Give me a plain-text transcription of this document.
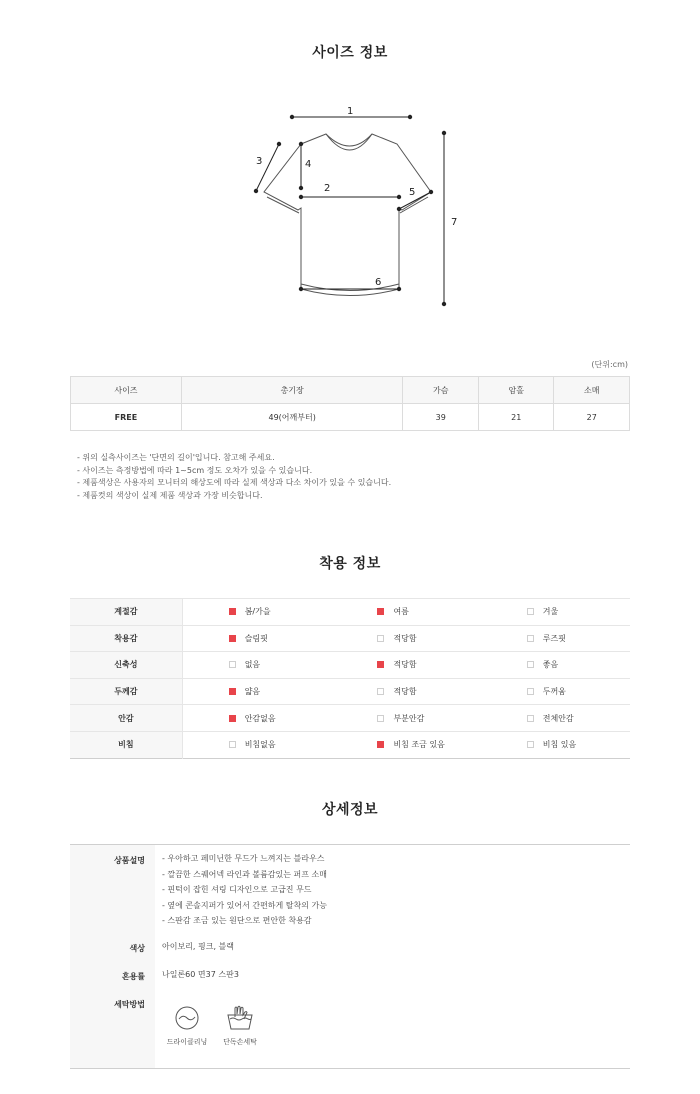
사이즈 정보
1
2
3	4
5
6
7
(단위:cm)
사이즈	총기장	가슴	암홀	소매
FREE	49(어깨부터)	39	21	27
- 위의 실측사이즈는 '단면의 길이'입니다. 참고해 주세요.
- 사이즈는 측정방법에 따라 1~5cm 정도 오차가 있을 수 있습니다.
- 제품색상은 사용자의 모니터의 해상도에 따라 실제 색상과 다소 차이가 있을 수 있습니다.
- 제품컷의 색상이 실제 제품 색상과 가장 비슷합니다.
착용 정보
계절감	봄/가을	여름	겨울
착용감	슬림핏	적당함	루즈핏
신축성	없음	적당함	좋음
두께감	얇음	적당함	두꺼움
안감	안감없음	부분안감	전체안감
비침	비침없음	비침 조금 있음	비침 있음
상세정보
상품설명 - 우아하고 페미닌한 무드가 느껴지는 블라우스
- 깔끔한 스퀘어넥 라인과 볼륨감있는 퍼프 소매
- 핀턱이 잡힌 셔링 디자인으로 고급진 무드
- 옆에 콘솔지퍼가 있어서 간편하게 탈착의 가능
- 스판감 조금 있는 원단으로 편안한 착용감
색상 아이보리, 핑크, 블랙
혼용률 나일론60 면37 스판3
세탁방법
드라이클리닝	단독손세탁
